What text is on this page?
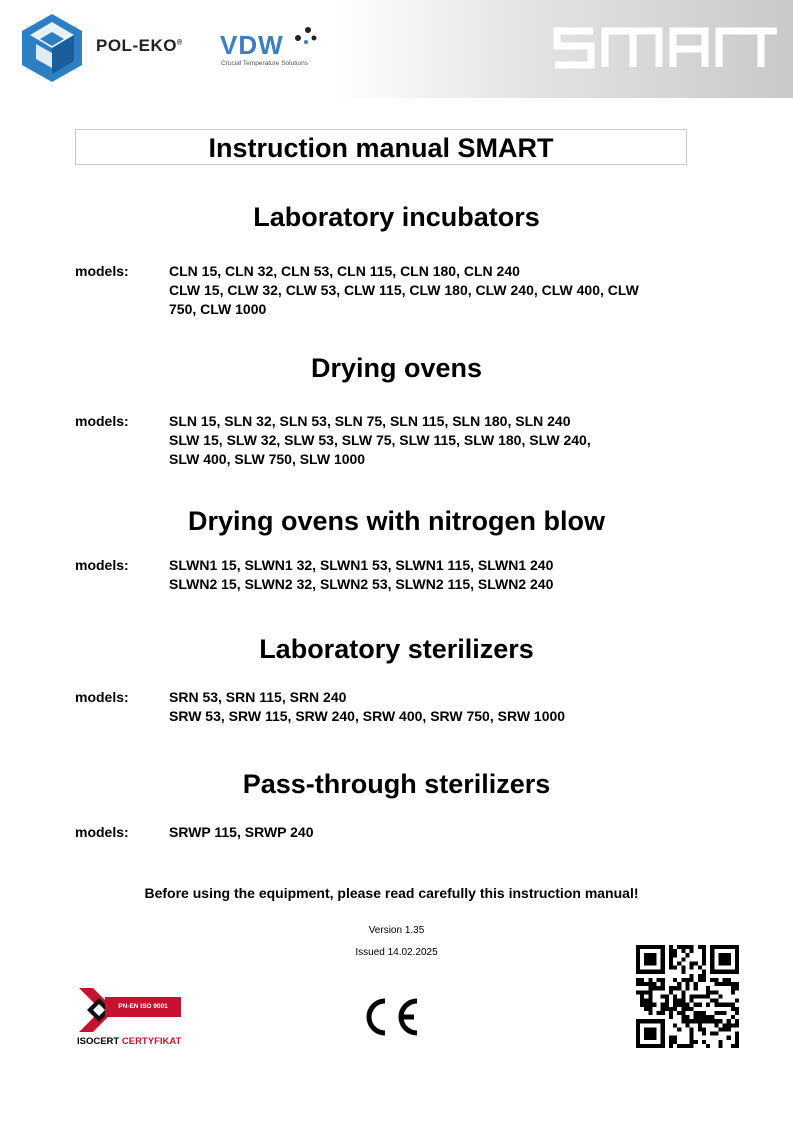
POL-EKO® VDW
Crucial Temperature Solutions
Instruction manual SMART
Laboratory incubators
models:	CLN 15, CLN 32, CLN 53, CLN 115, CLN 180, CLN 240
CLW 15, CLW 32, CLW 53, CLW 115, CLW 180, CLW 240, CLW 400, CLW
750, CLW 1000
Drying ovens
models:	SLN 15, SLN 32, SLN 53, SLN 75, SLN 115, SLN 180, SLN 240
SLW 15, SLW 32, SLW 53, SLW 75, SLW 115, SLW 180, SLW 240,
SLW 400, SLW 750, SLW 1000
Drying ovens with nitrogen blow
models:	SLWN1 15, SLWN1 32, SLWN1 53, SLWN1 115, SLWN1 240
SLWN2 15, SLWN2 32, SLWN2 53, SLWN2 115, SLWN2 240
Laboratory sterilizers
models:	SRN 53, SRN 115, SRN 240
SRW 53, SRW 115, SRW 240, SRW 400, SRW 750, SRW 1000
Pass-through sterilizers
models:	SRWP 115, SRWP 240
Before using the equipment, please read carefully this instruction manual!
Version 1.35
Issued 14.02.2025
PN-EN ISO 9001
ISOCERT CERTYFIKAT
